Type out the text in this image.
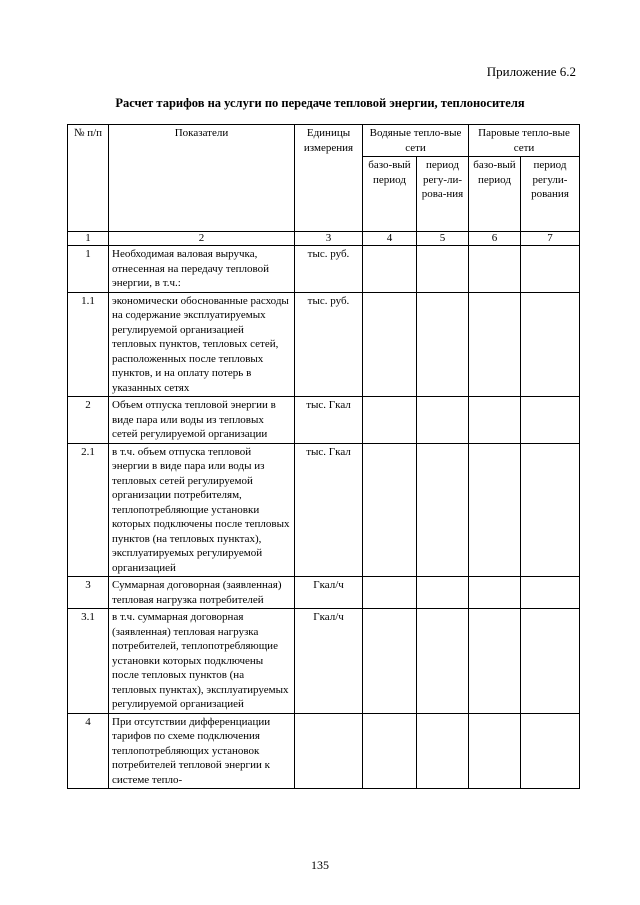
Приложение 6.2
Расчет тарифов на услуги по передаче тепловой энергии, теплоносителя
№ п/п	Показатели	Единицы измерения	Водяные тепло-вые сети		Паровые тепло-вые сети	
			базо-вый период	период регу-ли-рова-ния	базо-вый период	период регули-рования
1	2	3	4	5	6	7
1	Необходимая валовая выручка, отнесенная на передачу тепловой энергии, в т.ч.:	тыс. руб.				
1.1	экономически обоснованные расходы на содержание эксплуатируемых регулируемой организацией тепловых пунктов, тепловых сетей, расположенных после тепловых пунктов, и на оплату потерь в указанных сетях	тыс. руб.				
2	Объем отпуска тепловой энергии в виде пара или воды из тепловых сетей регулируемой организации	тыс. Гкал				
2.1	в т.ч. объем отпуска тепловой энергии в виде пара или воды из тепловых сетей регулируемой организации потребителям, теплопотребляющие установки которых подключены после тепловых пунктов (на тепловых пунктах), эксплуатируемых регулируемой организацией	тыс. Гкал				
3	Суммарная договорная (заявленная) тепловая нагрузка потребителей	Гкал/ч				
3.1	в т.ч. суммарная договорная (заявленная) тепловая нагрузка потребителей, теплопотребляющие установки которых подключены после тепловых пунктов (на тепловых пунктах), эксплуатируемых регулируемой организацией	Гкал/ч				
4	При отсутствии дифференциации тарифов по схеме подключения теплопотребляющих установок потребителей тепловой энергии к системе тепло-					
135
